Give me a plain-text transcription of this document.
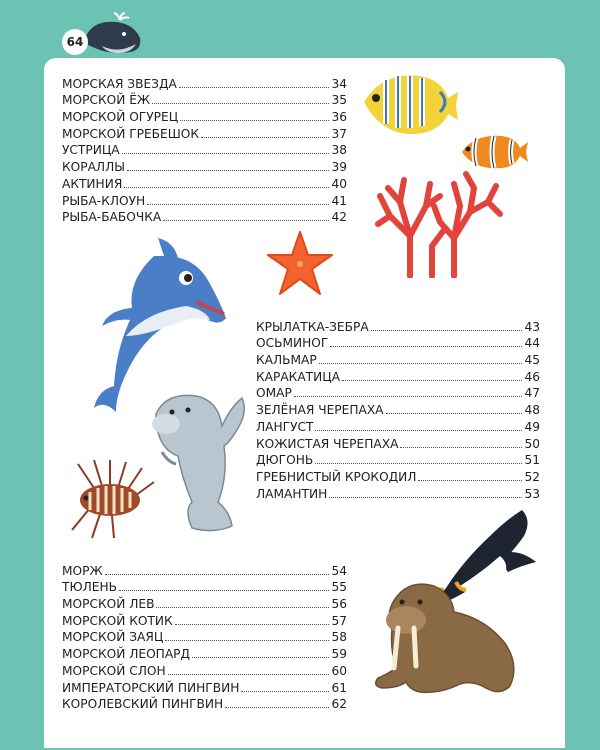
64
МОРСКАЯ ЗВЕЗДА	34
МОРСКОЙ ЁЖ	35
МОРСКОЙ ОГУРЕЦ	36
МОРСКОЙ ГРЕБЕШОК	37
УСТРИЦА	38
КОРАЛЛЫ	39
АКТИНИЯ	40
РЫБА-КЛОУН	41
РЫБА-БАБОЧКА	42
КРЫЛАТКА-ЗЕБРА	43
ОСЬМИНОГ	44
КАЛЬМАР	45
КАРАКАТИЦА	46
ОМАР	47
ЗЕЛЁНАЯ ЧЕРЕПАХА	48
ЛАНГУСТ	49
КОЖИСТАЯ ЧЕРЕПАХА	50
ДЮГОНЬ	51
ГРЕБНИСТЫЙ КРОКОДИЛ	52
ЛАМАНТИН	53
МОРЖ	54
ТЮЛЕНЬ	55
МОРСКОЙ ЛЕВ	56
МОРСКОЙ КОТИК	57
МОРСКОЙ ЗАЯЦ	58
МОРСКОЙ ЛЕОПАРД	59
МОРСКОЙ СЛОН	60
ИМПЕРАТОРСКИЙ ПИНГВИН	61
КОРОЛЕВСКИЙ ПИНГВИН	62
